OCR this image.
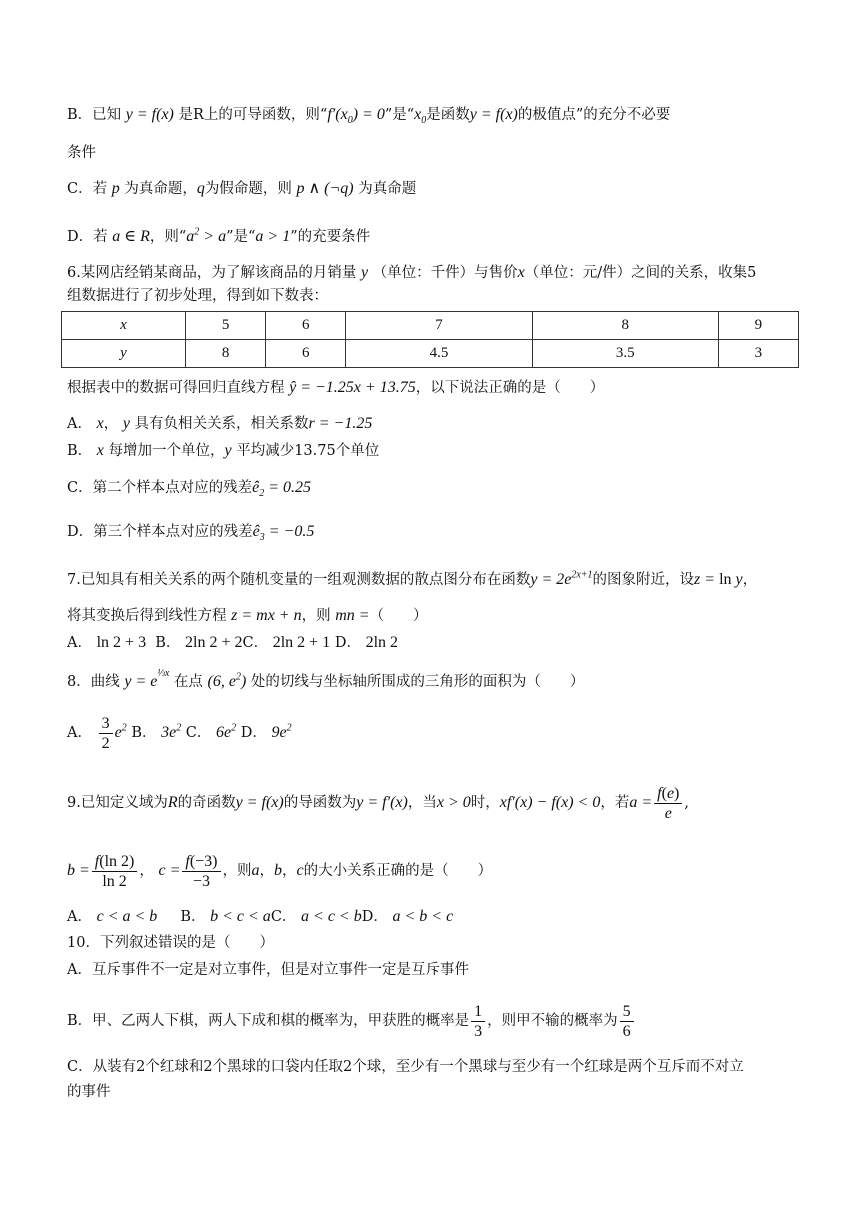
B．已知 y = f(x) 是R上的可导函数，则“$f'(x_0) = 0$”是“$x_0$是函数y = f(x)的极值点”的充分不必要
条件
C．若 p 为真命题，q为假命题，则 p ∧ (¬q) 为真命题
D．若 a ∈ R，则“$a^2 > a$”是“a > 1”的充要条件
6.某网店经销某商品，为了解该商品的月销量 y （单位：千件）与售价x（单位：元/件）之间的关系，收集5
组数据进行了初步处理，得到如下数表：
x	5	6	7	8	9
y	8	6	4.5	3.5	3
根据表中的数据可得回归直线方程 ŷ = −1.25x + 13.75，以下说法正确的是（　　）
A． x， y 具有负相关关系，相关系数r = −1.25
B． x 每增加一个单位，y 平均减少13.75个单位
C．第二个样本点对应的残差$ê_2 = 0.25$
D．第三个样本点对应的残差$ê_3 = -0.5$
7.已知具有相关关系的两个随机变量的一组观测数据的散点图分布在函数$y = 2e^{2x+1}$的图象附近，设z = ln y，
将其变换后得到线性方程 z = mx + n，则 mn =（　　）
A． ln 2 + 3 B． 2ln 2 + 2C． 2ln 2 + 1 D． 2ln 2
8．曲线 $y = e^{\frac{1}{3}x}$ 在点 (6, $e^2$) 处的切线与坐标轴所围成的三角形的面积为（　　）
A． $\frac{3}{2} e^2$ B． $3e^2$ C． $6e^2$ D． $9e^2$
9.已知定义域为R的奇函数y = f(x)的导函数为y = f′(x)，当x > 0时，xf′(x) − f(x) < 0，若$a = \frac{f(e)}{e}$ ,
$b = \frac{f(\ln 2)}{\ln 2}$ ， $c = \frac{f(-3)}{-3}$ ，则a，b，c的大小关系正确的是（　　）
A． c < a < b B． b < c < aC． a < c < bD． a < b < c
10．下列叙述错误的是（　　）
A．互斥事件不一定是对立事件，但是对立事件一定是互斥事件
B．甲、乙两人下棋，两人下成和棋的概率为，甲获胜的概率是 $\frac{1}{3}$ ，则甲不输的概率为 $\frac{5}{6}$
C．从装有2个红球和2个黑球的口袋内任取2个球，至少有一个黑球与至少有一个红球是两个互斥而不对立
的事件
